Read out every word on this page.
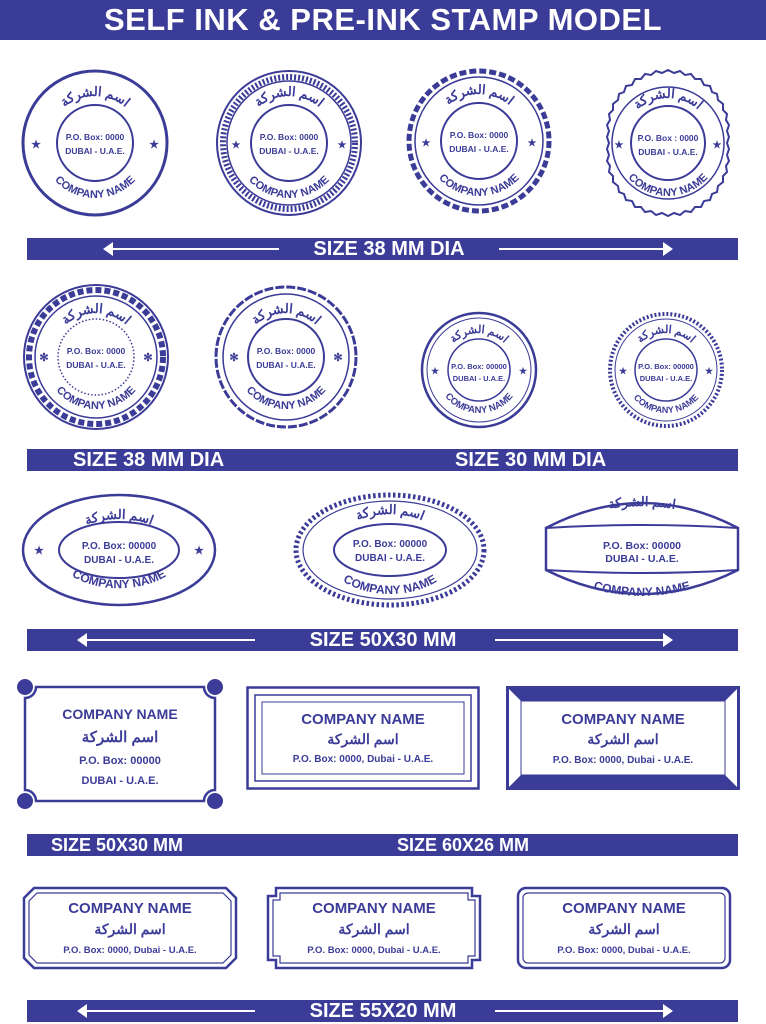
SELF INK & PRE-INK STAMP MODEL
اسم الشركة
COMPANY NAME
P.O. Box: 0000
DUBAI - U.A.E.
★	★
اسم الشركة
COMPANY NAME
P.O. Box: 0000
DUBAI - U.A.E.
★	★
اسم الشركة
COMPANY NAME
P.O. Box: 0000
DUBAI - U.A.E.
★	★
اسم الشركة
COMPANY NAME
P.O. Box : 0000
DUBAI - U.A.E.
★	★
SIZE 38 MM DIA
اسم الشركة
COMPANY NAME
P.O. Box: 0000
DUBAI - U.A.E.
✻	✻
اسم الشركة
COMPANY NAME
P.O. Box: 0000
DUBAI - U.A.E.
✻	✻
اسم الشركة
COMPANY NAME
P.O. Box: 00000
DUBAI - U.A.E.
★	★
اسم الشركة
COMPANY NAME
P.O. Box: 00000
DUBAI - U.A.E.
★	★
SIZE 38 MM DIA	SIZE 30 MM DIA
اسم الشركة
COMPANY NAME
P.O. Box: 00000
DUBAI - U.A.E.
★	★
اسم الشركة
COMPANY NAME
P.O. Box: 00000
DUBAI - U.A.E.
اسم الشركة
COMPANY NAME
P.O. Box: 00000
DUBAI - U.A.E.
SIZE 50X30 MM
COMPANY NAME
اسم الشركة
P.O. Box: 00000
DUBAI - U.A.E.
COMPANY NAME
اسم الشركة
P.O. Box: 0000, Dubai - U.A.E.
COMPANY NAME
اسم الشركة
P.O. Box: 0000, Dubai - U.A.E.
SIZE 50X30 MM	SIZE 60X26 MM
COMPANY NAME
اسم الشركة
P.O. Box: 0000, Dubai - U.A.E.
COMPANY NAME
اسم الشركة
P.O. Box: 0000, Dubai - U.A.E.
COMPANY NAME
اسم الشركة
P.O. Box: 0000, Dubai - U.A.E.
SIZE 55X20 MM
